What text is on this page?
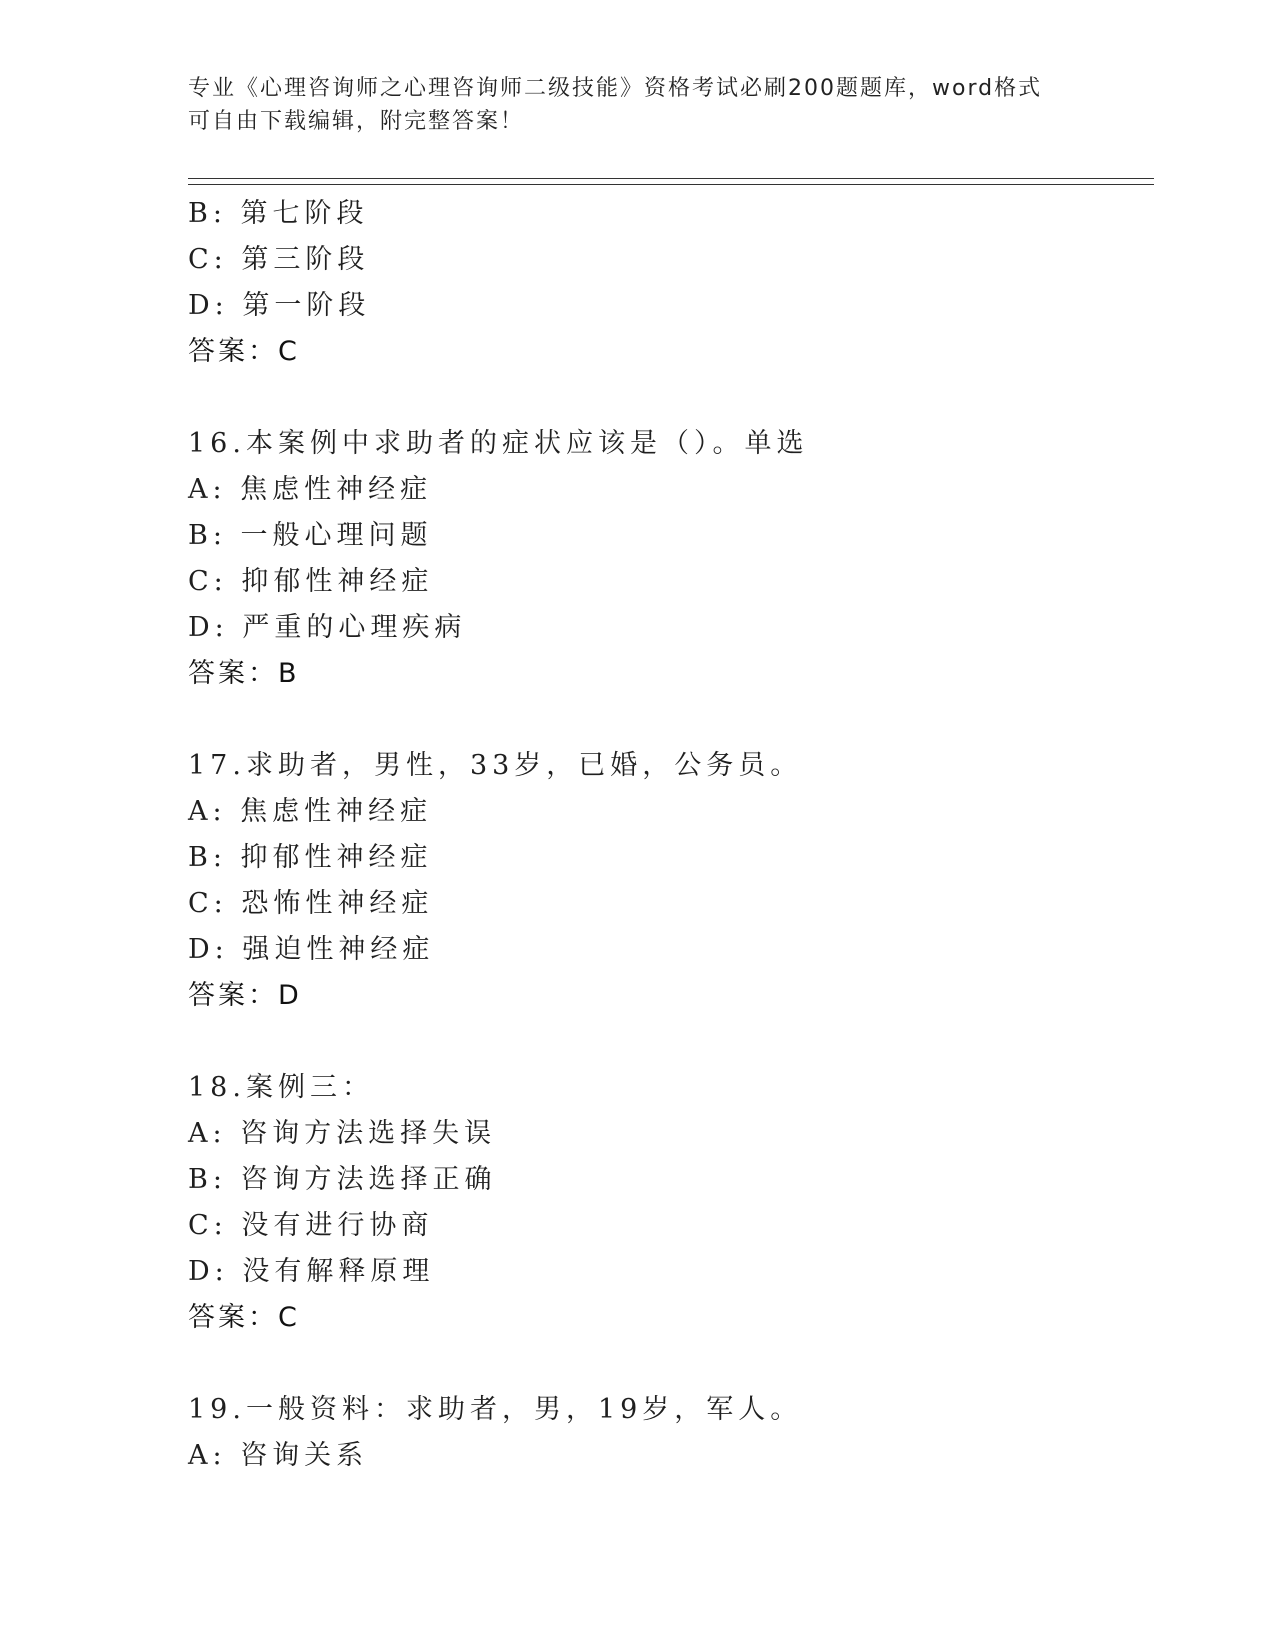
专业《心理咨询师之心理咨询师二级技能》资格考试必刷200题题库，word格式
可自由下载编辑，附完整答案！
B: 第七阶段
C: 第三阶段
D: 第一阶段
答案：C
16.本案例中求助者的症状应该是（）。单选
A: 焦虑性神经症
B: 一般心理问题
C: 抑郁性神经症
D: 严重的心理疾病
答案：B
17.求助者，男性，33岁，已婚，公务员。
A: 焦虑性神经症
B: 抑郁性神经症
C: 恐怖性神经症
D: 强迫性神经症
答案：D
18.案例三：
A: 咨询方法选择失误
B: 咨询方法选择正确
C: 没有进行协商
D: 没有解释原理
答案：C
19.一般资料：求助者，男，19岁，军人。
A: 咨询关系
